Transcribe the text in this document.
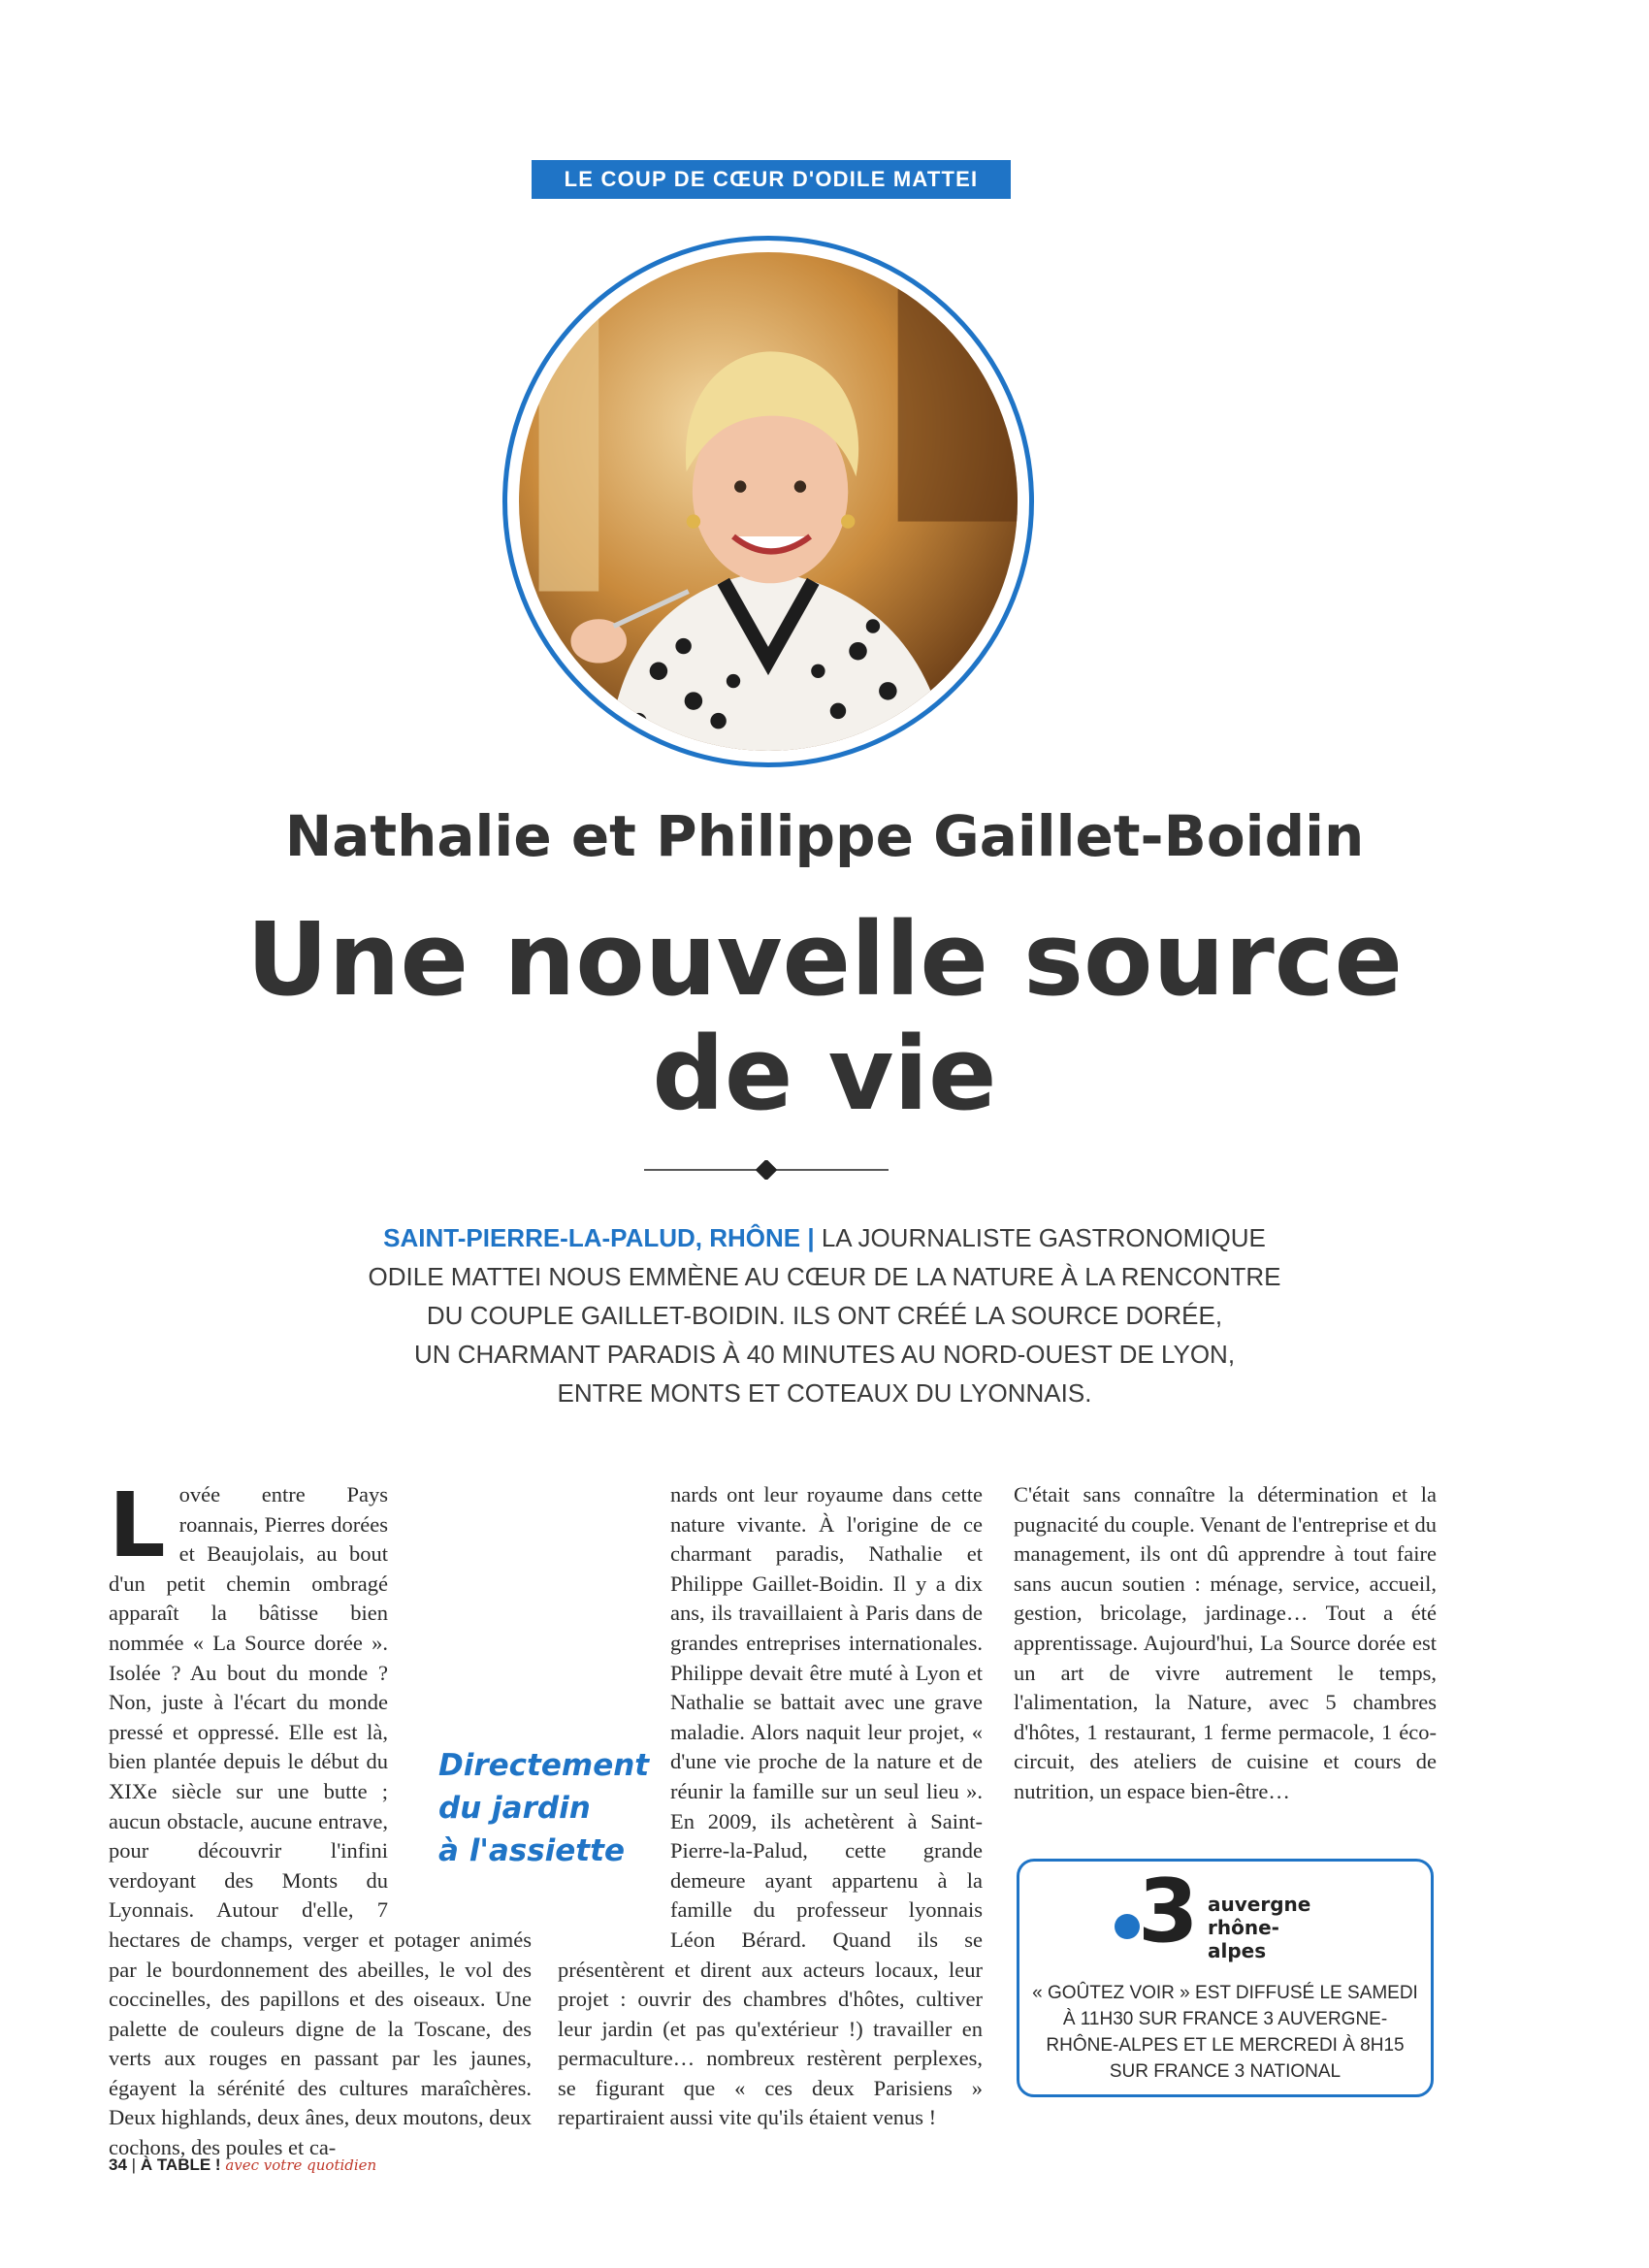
LE COUP DE CŒUR D'ODILE MATTEI
Nathalie et Philippe Gaillet-Boidin
Une nouvelle source
de vie
SAINT-PIERRE-LA-PALUD, RHÔNE | LA JOURNALISTE GASTRONOMIQUE
ODILE MATTEI NOUS EMMÈNE AU CŒUR DE LA NATURE À LA RENCONTRE
DU COUPLE GAILLET-BOIDIN. ILS ONT CRÉÉ LA SOURCE DORÉE,
UN CHARMANT PARADIS À 40 MINUTES AU NORD-OUEST DE LYON,
ENTRE MONTS ET COTEAUX DU LYONNAIS.
L ovée entre Pays roannais, Pierres dorées et Beaujolais, au bout d'un petit chemin ombragé apparaît la bâtisse bien nommée « La Source dorée ». Isolée ? Au bout du monde ? Non, juste à l'écart du monde pressé et oppressé. Elle est là, bien plantée depuis le début du XIXe siècle sur une butte ; aucun obstacle, aucune entrave, pour découvrir l'infini verdoyant des Monts du Lyonnais. Autour d'elle, 7 hectares de champs, verger et potager animés par le bourdonnement des abeilles, le vol des coccinelles, des papillons et des oiseaux. Une palette de couleurs digne de la Toscane, des verts aux rouges en passant par les jaunes, égayent la sérénité des cultures maraîchères. Deux highlands, deux ânes, deux moutons, deux cochons, des poules et ca-

Directement
du jardin
à l'assiette

nards ont leur royaume dans cette nature vivante. À l'origine de ce charmant paradis, Nathalie et Philippe Gaillet-Boidin. Il y a dix ans, ils travaillaient à Paris dans de grandes entreprises internationales. Philippe devait être muté à Lyon et Nathalie se battait avec une grave maladie. Alors naquit leur projet, « d'une vie proche de la nature et de réunir la famille sur un seul lieu ». En 2009, ils achetèrent à Saint-Pierre-la-Palud, cette grande demeure ayant appartenu à la famille du professeur lyonnais Léon Bérard. Quand ils se présentèrent et dirent aux acteurs locaux, leur projet : ouvrir des chambres d'hôtes, cultiver leur jardin (et pas qu'extérieur !) travailler en permaculture… nombreux restèrent perplexes, se figurant que « ces deux Parisiens » repartiraient aussi vite qu'ils étaient venus !

C'était sans connaître la détermination et la pugnacité du couple. Venant de l'entreprise et du management, ils ont dû apprendre à tout faire sans aucun soutien : ménage, service, accueil, gestion, bricolage, jardinage… Tout a été apprentissage. Aujourd'hui, La Source dorée est un art de vivre autrement le temps, l'alimentation, la Nature, avec 5 chambres d'hôtes, 1 restaurant, 1 ferme permacole, 1 éco-circuit, des ateliers de cuisine et cours de nutrition, un espace bien-être…

3 auvergne
rhône-alpes
« GOÛTEZ VOIR » EST DIFFUSÉ LE SAMEDI À 11H30 SUR FRANCE 3 AUVERGNE-RHÔNE-ALPES ET LE MERCREDI À 8H15 SUR FRANCE 3 NATIONAL
34 | À TABLE ! avec votre quotidien
